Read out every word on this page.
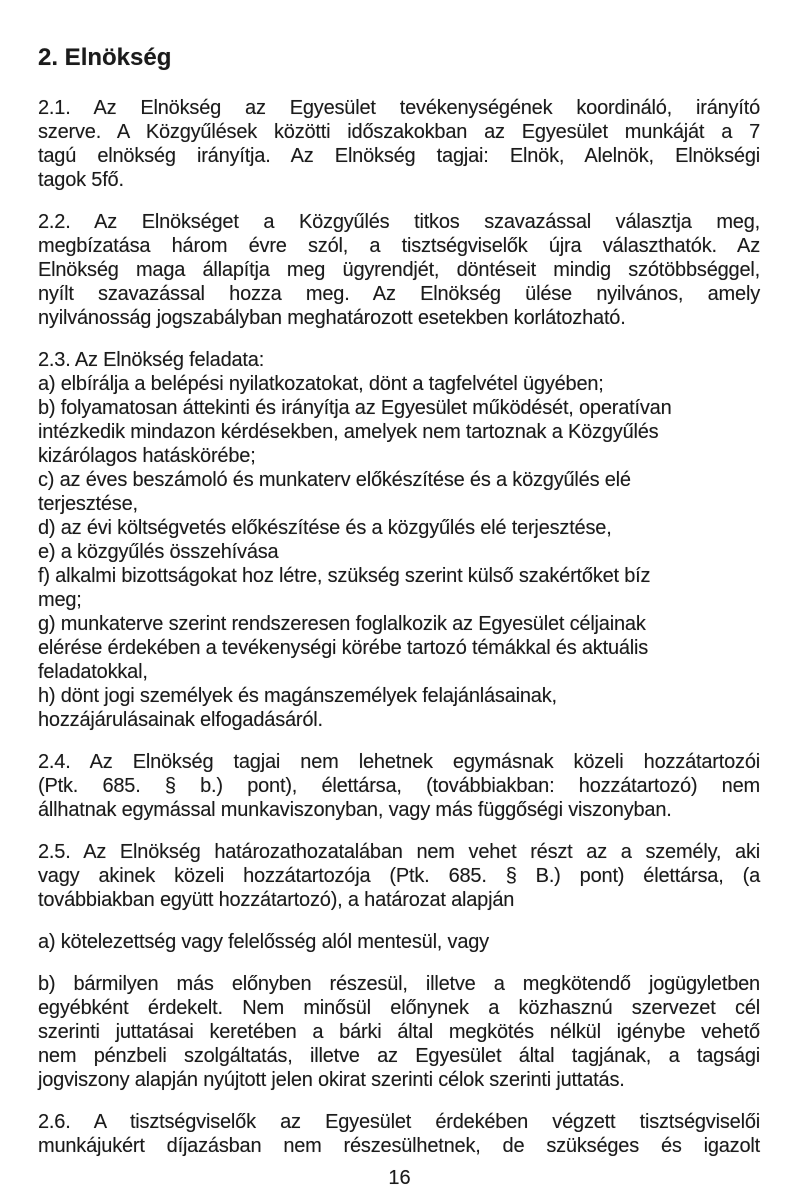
2. Elnökség
2.1. Az Elnökség az Egyesület tevékenységének koordináló, irányító
szerve. A Közgyűlések közötti időszakokban az Egyesület munkáját a 7
tagú elnökség irányítja. Az Elnökség tagjai: Elnök, Alelnök, Elnökségi
tagok 5fő.
2.2. Az Elnökséget a Közgyűlés titkos szavazással választja meg,
megbízatása három évre szól, a tisztségviselők újra választhatók. Az
Elnökség maga állapítja meg ügyrendjét, döntéseit mindig szótöbbséggel,
nyílt szavazással hozza meg. Az Elnökség ülése nyilvános, amely
nyilvánosság jogszabályban meghatározott esetekben korlátozható.
2.3. Az Elnökség feladata:
a) elbírálja a belépési nyilatkozatokat, dönt a tagfelvétel ügyében;
b) folyamatosan áttekinti és irányítja az Egyesület működését, operatívan
intézkedik mindazon kérdésekben, amelyek nem tartoznak a Közgyűlés
kizárólagos hatáskörébe;
c) az éves beszámoló és munkaterv előkészítése és a közgyűlés elé
terjesztése,
d) az évi költségvetés előkészítése és a közgyűlés elé terjesztése,
e) a közgyűlés összehívása
f) alkalmi bizottságokat hoz létre, szükség szerint külső szakértőket bíz
meg;
g) munkaterve szerint rendszeresen foglalkozik az Egyesület céljainak
elérése érdekében a tevékenységi körébe tartozó témákkal és aktuális
feladatokkal,
h) dönt jogi személyek és magánszemélyek felajánlásainak,
hozzájárulásainak elfogadásáról.
2.4. Az Elnökség tagjai nem lehetnek egymásnak közeli hozzátartozói
(Ptk. 685. § b.) pont), élettársa, (továbbiakban: hozzátartozó) nem
állhatnak egymással munkaviszonyban, vagy más függőségi viszonyban.
2.5. Az Elnökség határozathozatalában nem vehet részt az a személy, aki
vagy akinek közeli hozzátartozója (Ptk. 685. § B.) pont) élettársa, (a
továbbiakban együtt hozzátartozó), a határozat alapján
a) kötelezettség vagy felelősség alól mentesül, vagy
b) bármilyen más előnyben részesül, illetve a megkötendő jogügyletben
egyébként érdekelt. Nem minősül előnynek a közhasznú szervezet cél
szerinti juttatásai keretében a bárki által megkötés nélkül igénybe vehető
nem pénzbeli szolgáltatás, illetve az Egyesület által tagjának, a tagsági
jogviszony alapján nyújtott jelen okirat szerinti célok szerinti juttatás.
2.6. A tisztségviselők az Egyesület érdekében végzett tisztségviselői
munkájukért díjazásban nem részesülhetnek, de szükséges és igazolt
16
